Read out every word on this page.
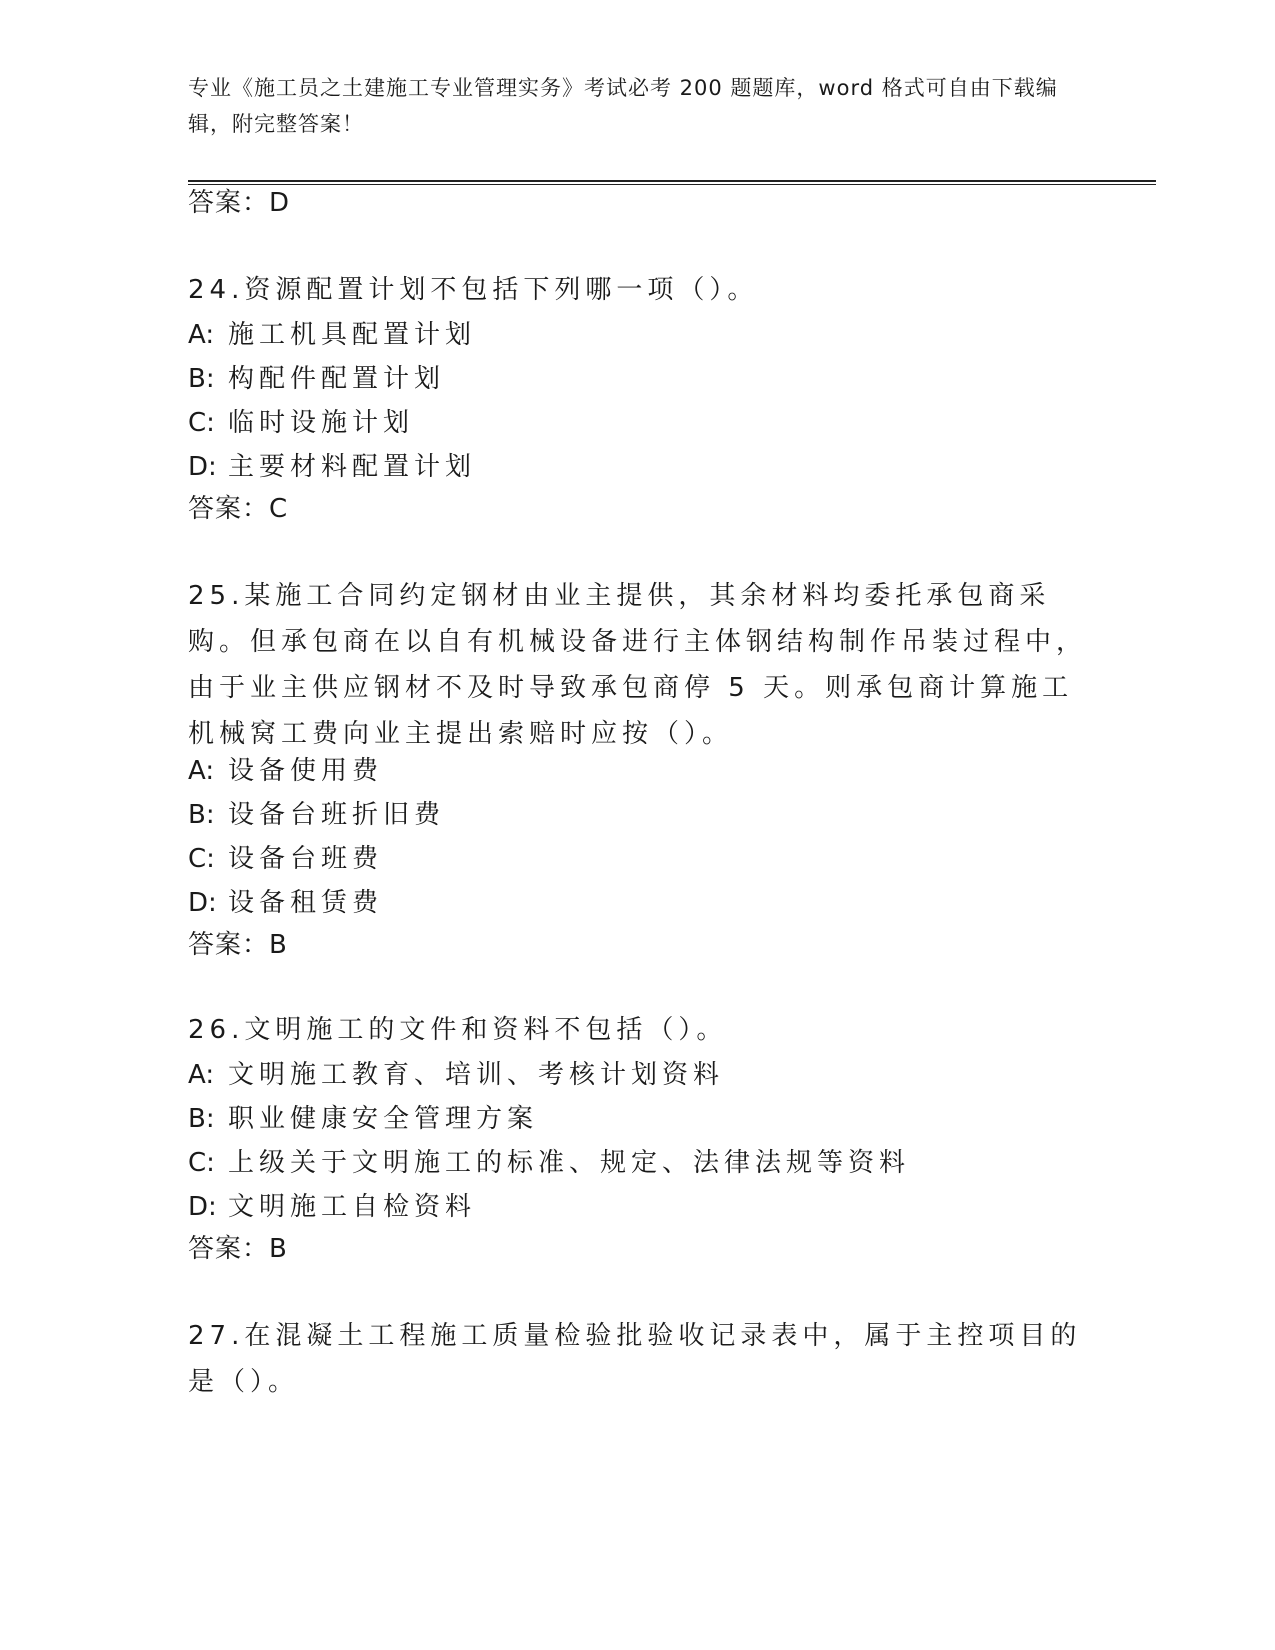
专业《施工员之土建施工专业管理实务》考试必考 200 题题库，word 格式可自由下载编辑，附完整答案！
答案：D
24.资源配置计划不包括下列哪一项（）。
A: 施工机具配置计划
B: 构配件配置计划
C: 临时设施计划
D: 主要材料配置计划
答案：C
25.某施工合同约定钢材由业主提供，其余材料均委托承包商采购。但承包商在以自有机械设备进行主体钢结构制作吊装过程中，由于业主供应钢材不及时导致承包商停 5 天。则承包商计算施工机械窝工费向业主提出索赔时应按（）。
A: 设备使用费
B: 设备台班折旧费
C: 设备台班费
D: 设备租赁费
答案：B
26.文明施工的文件和资料不包括（）。
A: 文明施工教育、培训、考核计划资料
B: 职业健康安全管理方案
C: 上级关于文明施工的标准、规定、法律法规等资料
D: 文明施工自检资料
答案：B
27.在混凝土工程施工质量检验批验收记录表中，属于主控项目的是（）。
